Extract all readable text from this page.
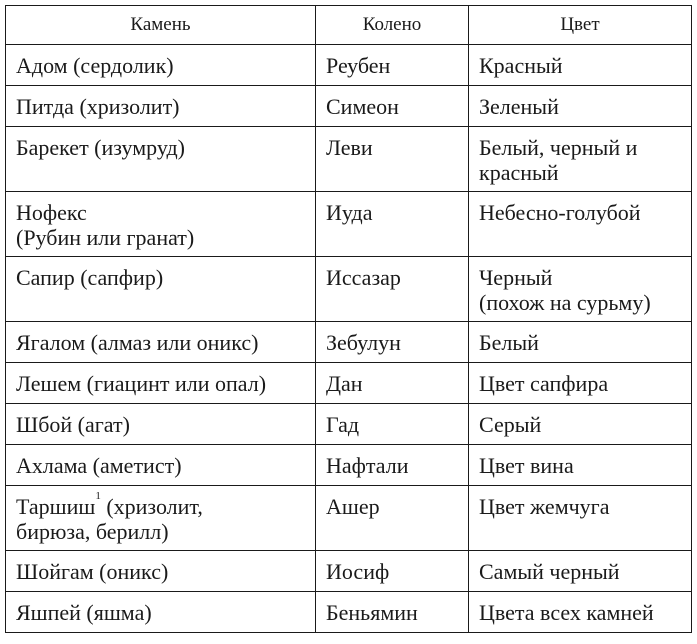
Камень	Колено	Цвет
Адом (сердолик)	Реубен	Красный
Питда (хризолит)	Симеон	Зеленый
Барекет (изумруд)	Леви	Белый, черный и
красный

Нофекс
(Рубин или гранат)	Иуда	Небесно-голубой
Сапир (сапфир)	Иссазар	Черный
(похож на сурьму)

Ягалом (алмаз или оникс)	Зебулун	Белый
Лешем (гиацинт или опал)	Дан	Цвет сапфира
Шбой (агат)	Гад	Серый
Ахлама (аметист)	Нафтали	Цвет вина

Таршиш$^1$ (хризолит,
бирюза, берилл)	Ашер	Цвет жемчуга
Шойгам (оникс)	Иосиф	Самый черный
Яшпей (яшма)	Беньямин	Цвета всех камней
